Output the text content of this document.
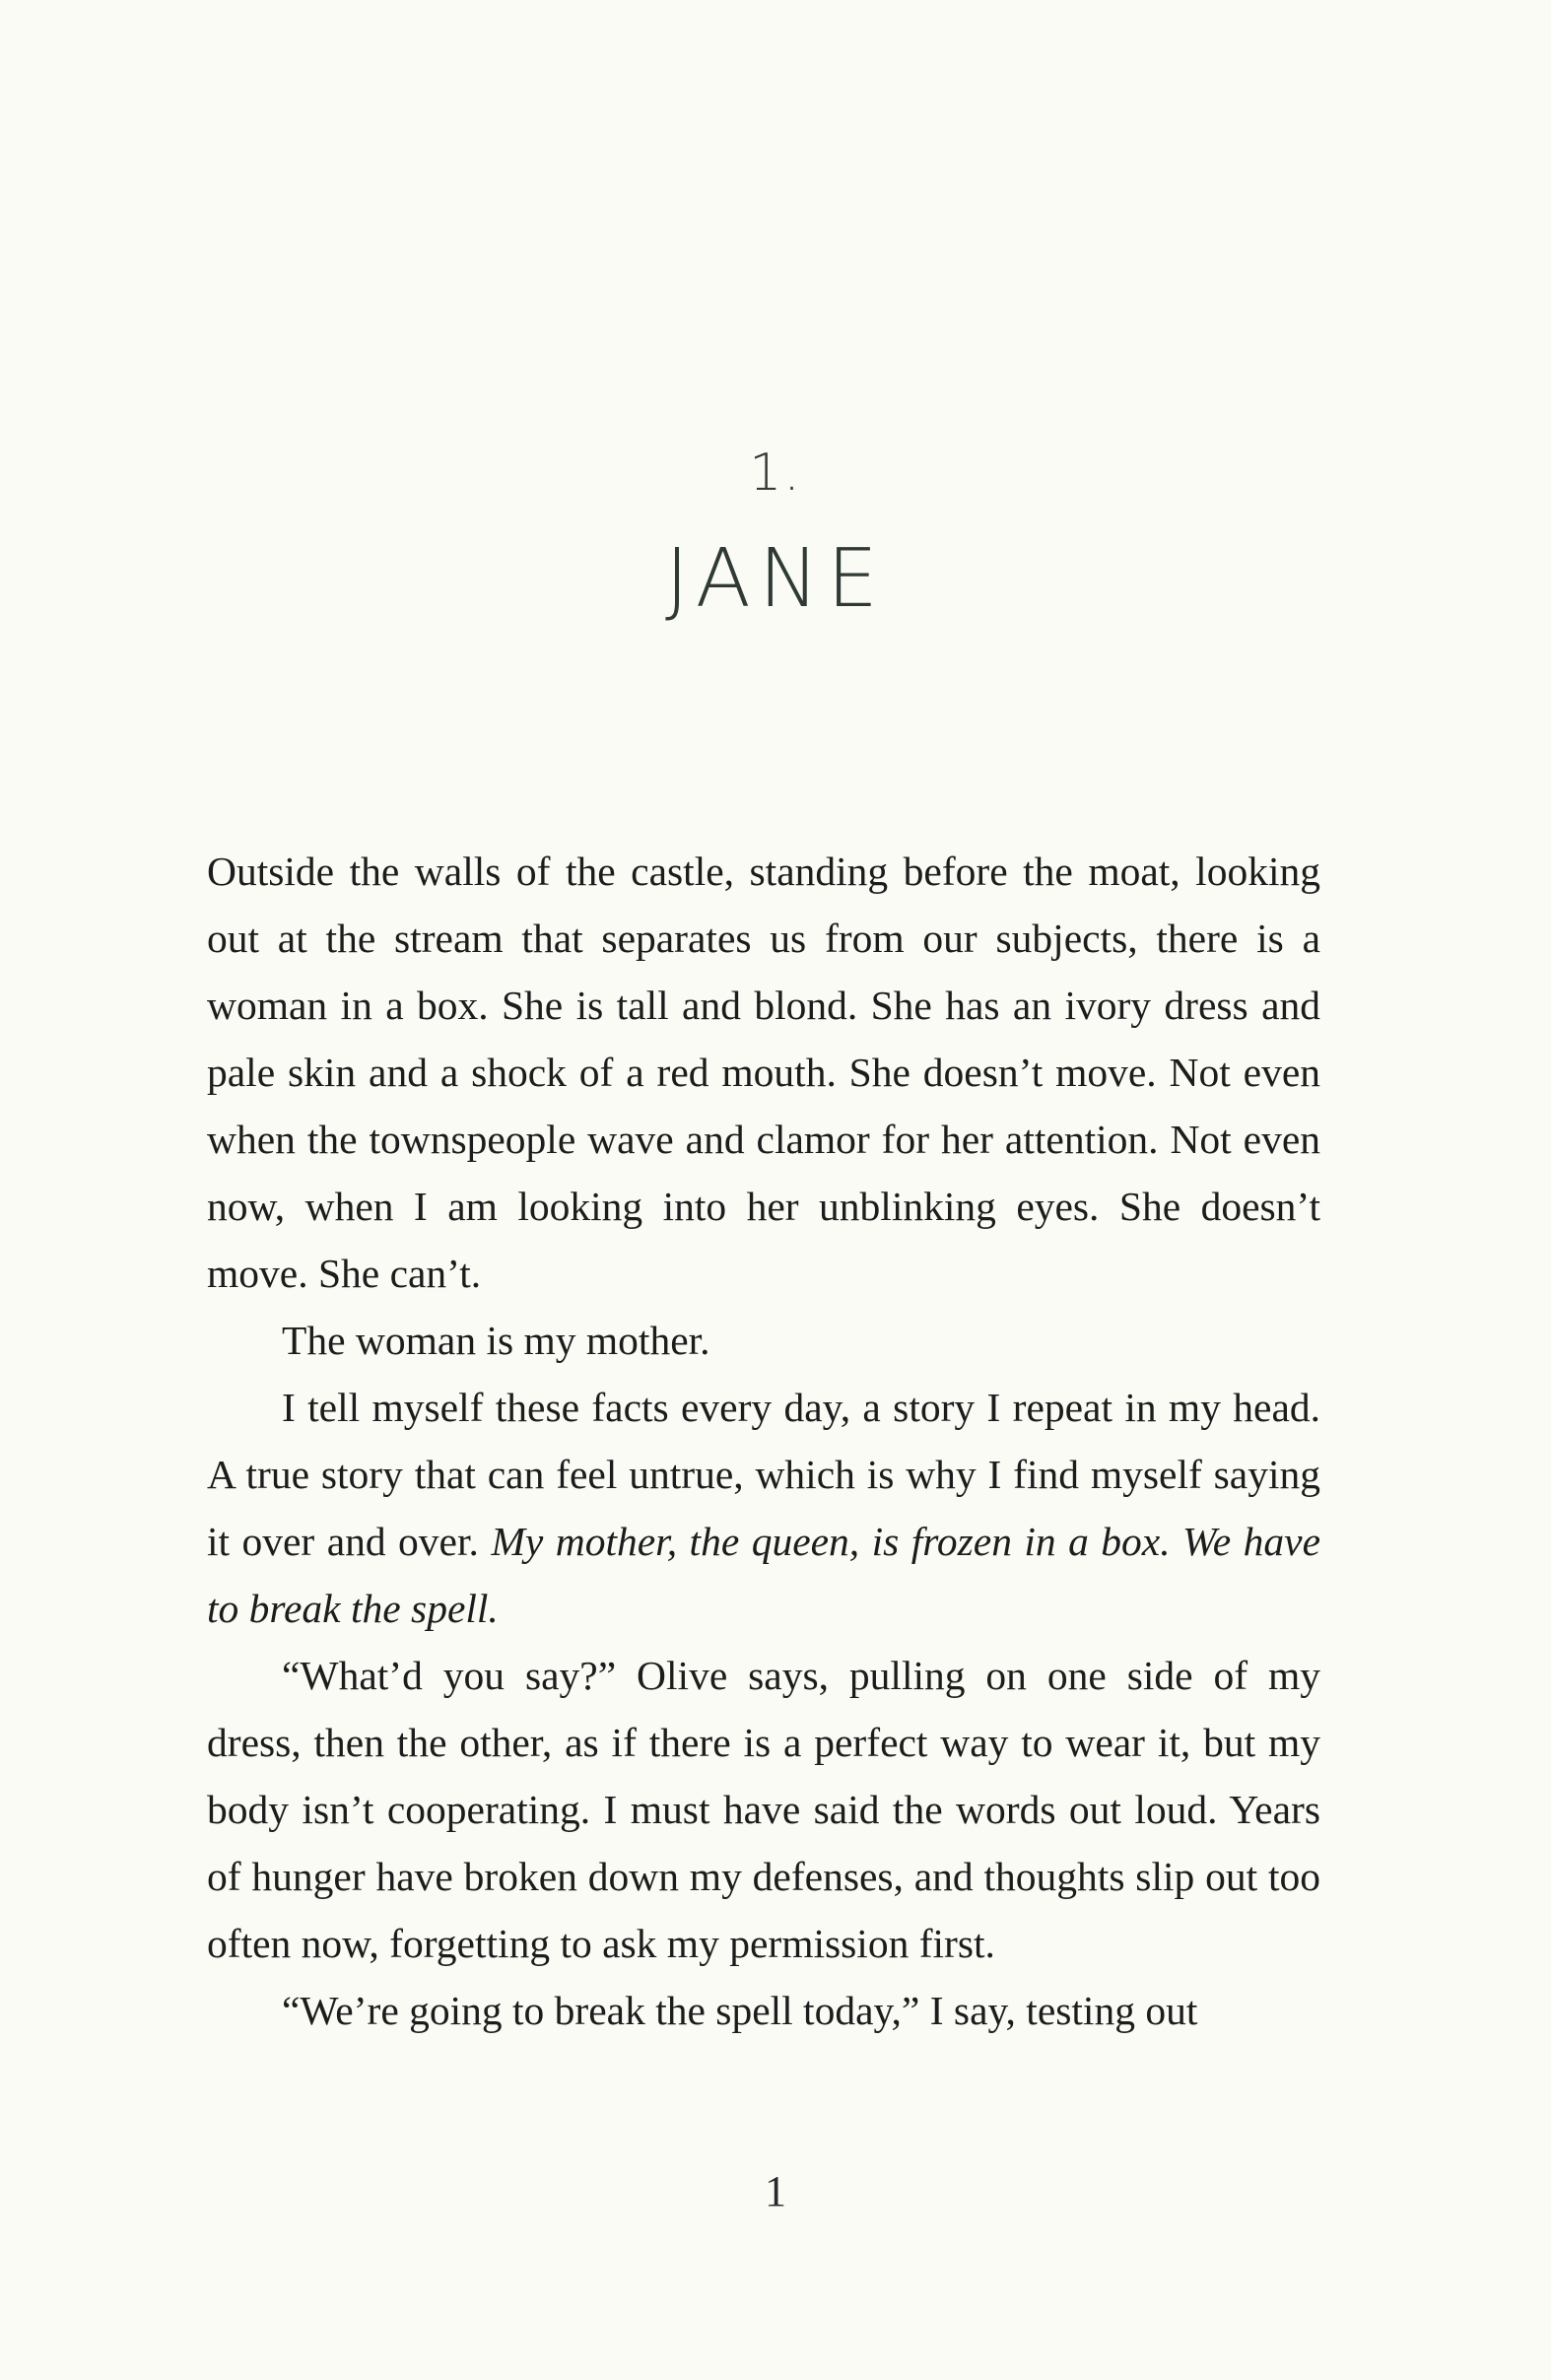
1.
JANE

Outside the walls of the castle, standing before the moat, looking out at the stream that separates us from our subjects, there is a woman in a box. She is tall and blond. She has an ivory dress and pale skin and a shock of a red mouth. She doesn’t move. Not even when the townspeople wave and clamor for her attention. Not even now, when I am looking into her unblinking eyes. She doesn’t move. She can’t.

The woman is my mother.

I tell myself these facts every day, a story I repeat in my head. A true story that can feel untrue, which is why I find myself saying it over and over. My mother, the queen, is frozen in a box. We have to break the spell.

“What’d you say?” Olive says, pulling on one side of my dress, then the other, as if there is a perfect way to wear it, but my body isn’t cooperating. I must have said the words out loud. Years of hunger have broken down my defenses, and thoughts slip out too often now, forgetting to ask my permission first.

“We’re going to break the spell today,” I say, testing out

1
